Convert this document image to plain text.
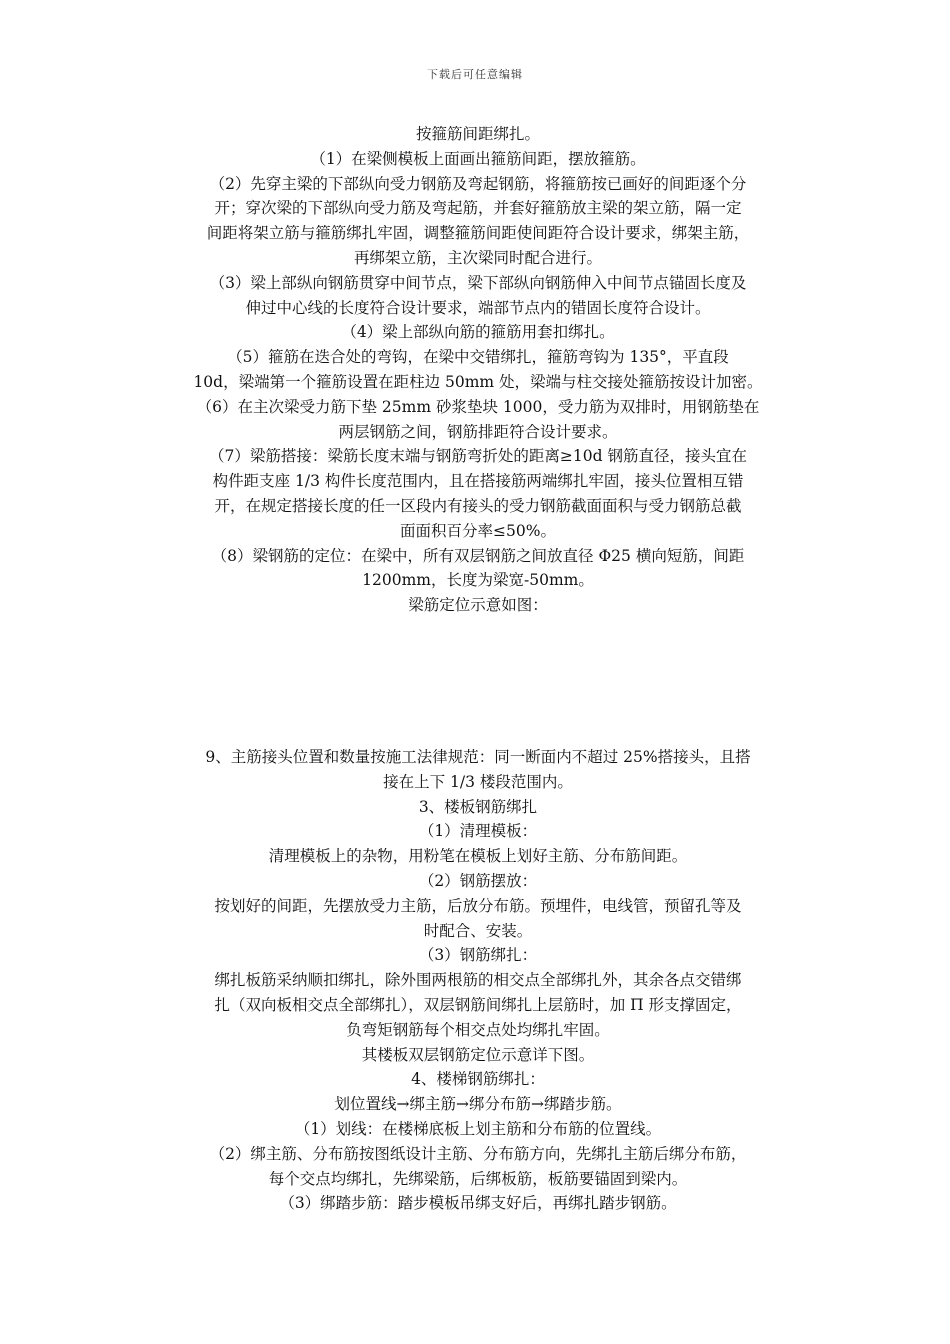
下载后可任意编辑
按箍筋间距绑扎。
（1）在梁侧模板上面画出箍筋间距，摆放箍筋。
（2）先穿主梁的下部纵向受力钢筋及弯起钢筋，将箍筋按已画好的间距逐个分
开；穿次梁的下部纵向受力筋及弯起筋，并套好箍筋放主梁的架立筋，隔一定
间距将架立筋与箍筋绑扎牢固，调整箍筋间距使间距符合设计要求，绑架主筋，
再绑架立筋，主次梁同时配合进行。
（3）梁上部纵向钢筋贯穿中间节点，梁下部纵向钢筋伸入中间节点锚固长度及
伸过中心线的长度符合设计要求，端部节点内的错固长度符合设计。
（4）梁上部纵向筋的箍筋用套扣绑扎。
（5）箍筋在迭合处的弯钩，在梁中交错绑扎，箍筋弯钩为 135°，平直段
10d，梁端第一个箍筋设置在距柱边 50mm 处，梁端与柱交接处箍筋按设计加密。
（6）在主次梁受力筋下垫 25mm 砂浆垫块 1000，受力筋为双排时，用钢筋垫在
两层钢筋之间，钢筋排距符合设计要求。
（7）梁筋搭接：梁筋长度末端与钢筋弯折处的距离≥10d 钢筋直径，接头宜在
构件距支座 1/3 构件长度范围内，且在搭接筋两端绑扎牢固，接头位置相互错
开，在规定搭接长度的任一区段内有接头的受力钢筋截面面积与受力钢筋总截
面面积百分率≤50%。
（8）梁钢筋的定位：在梁中，所有双层钢筋之间放直径 Φ25 横向短筋，间距
1200mm，长度为梁宽-50mm。
梁筋定位示意如图：
9、主筋接头位置和数量按施工法律规范：同一断面内不超过 25%搭接头，且搭
接在上下 1/3 楼段范围内。
3、楼板钢筋绑扎
（1）清理模板：
清理模板上的杂物，用粉笔在模板上划好主筋、分布筋间距。
（2）钢筋摆放：
按划好的间距，先摆放受力主筋，后放分布筋。预埋件，电线管，预留孔等及
时配合、安装。
（3）钢筋绑扎：
绑扎板筋采纳顺扣绑扎，除外围两根筋的相交点全部绑扎外，其余各点交错绑
扎（双向板相交点全部绑扎），双层钢筋间绑扎上层筋时，加 Π 形支撑固定，
负弯矩钢筋每个相交点处均绑扎牢固。
其楼板双层钢筋定位示意详下图。
4、楼梯钢筋绑扎：
划位置线→绑主筋→绑分布筋→绑踏步筋。
（1）划线：在楼梯底板上划主筋和分布筋的位置线。
（2）绑主筋、分布筋按图纸设计主筋、分布筋方向，先绑扎主筋后绑分布筋，
每个交点均绑扎，先绑梁筋，后绑板筋，板筋要锚固到梁内。
（3）绑踏步筋：踏步模板吊绑支好后，再绑扎踏步钢筋。
